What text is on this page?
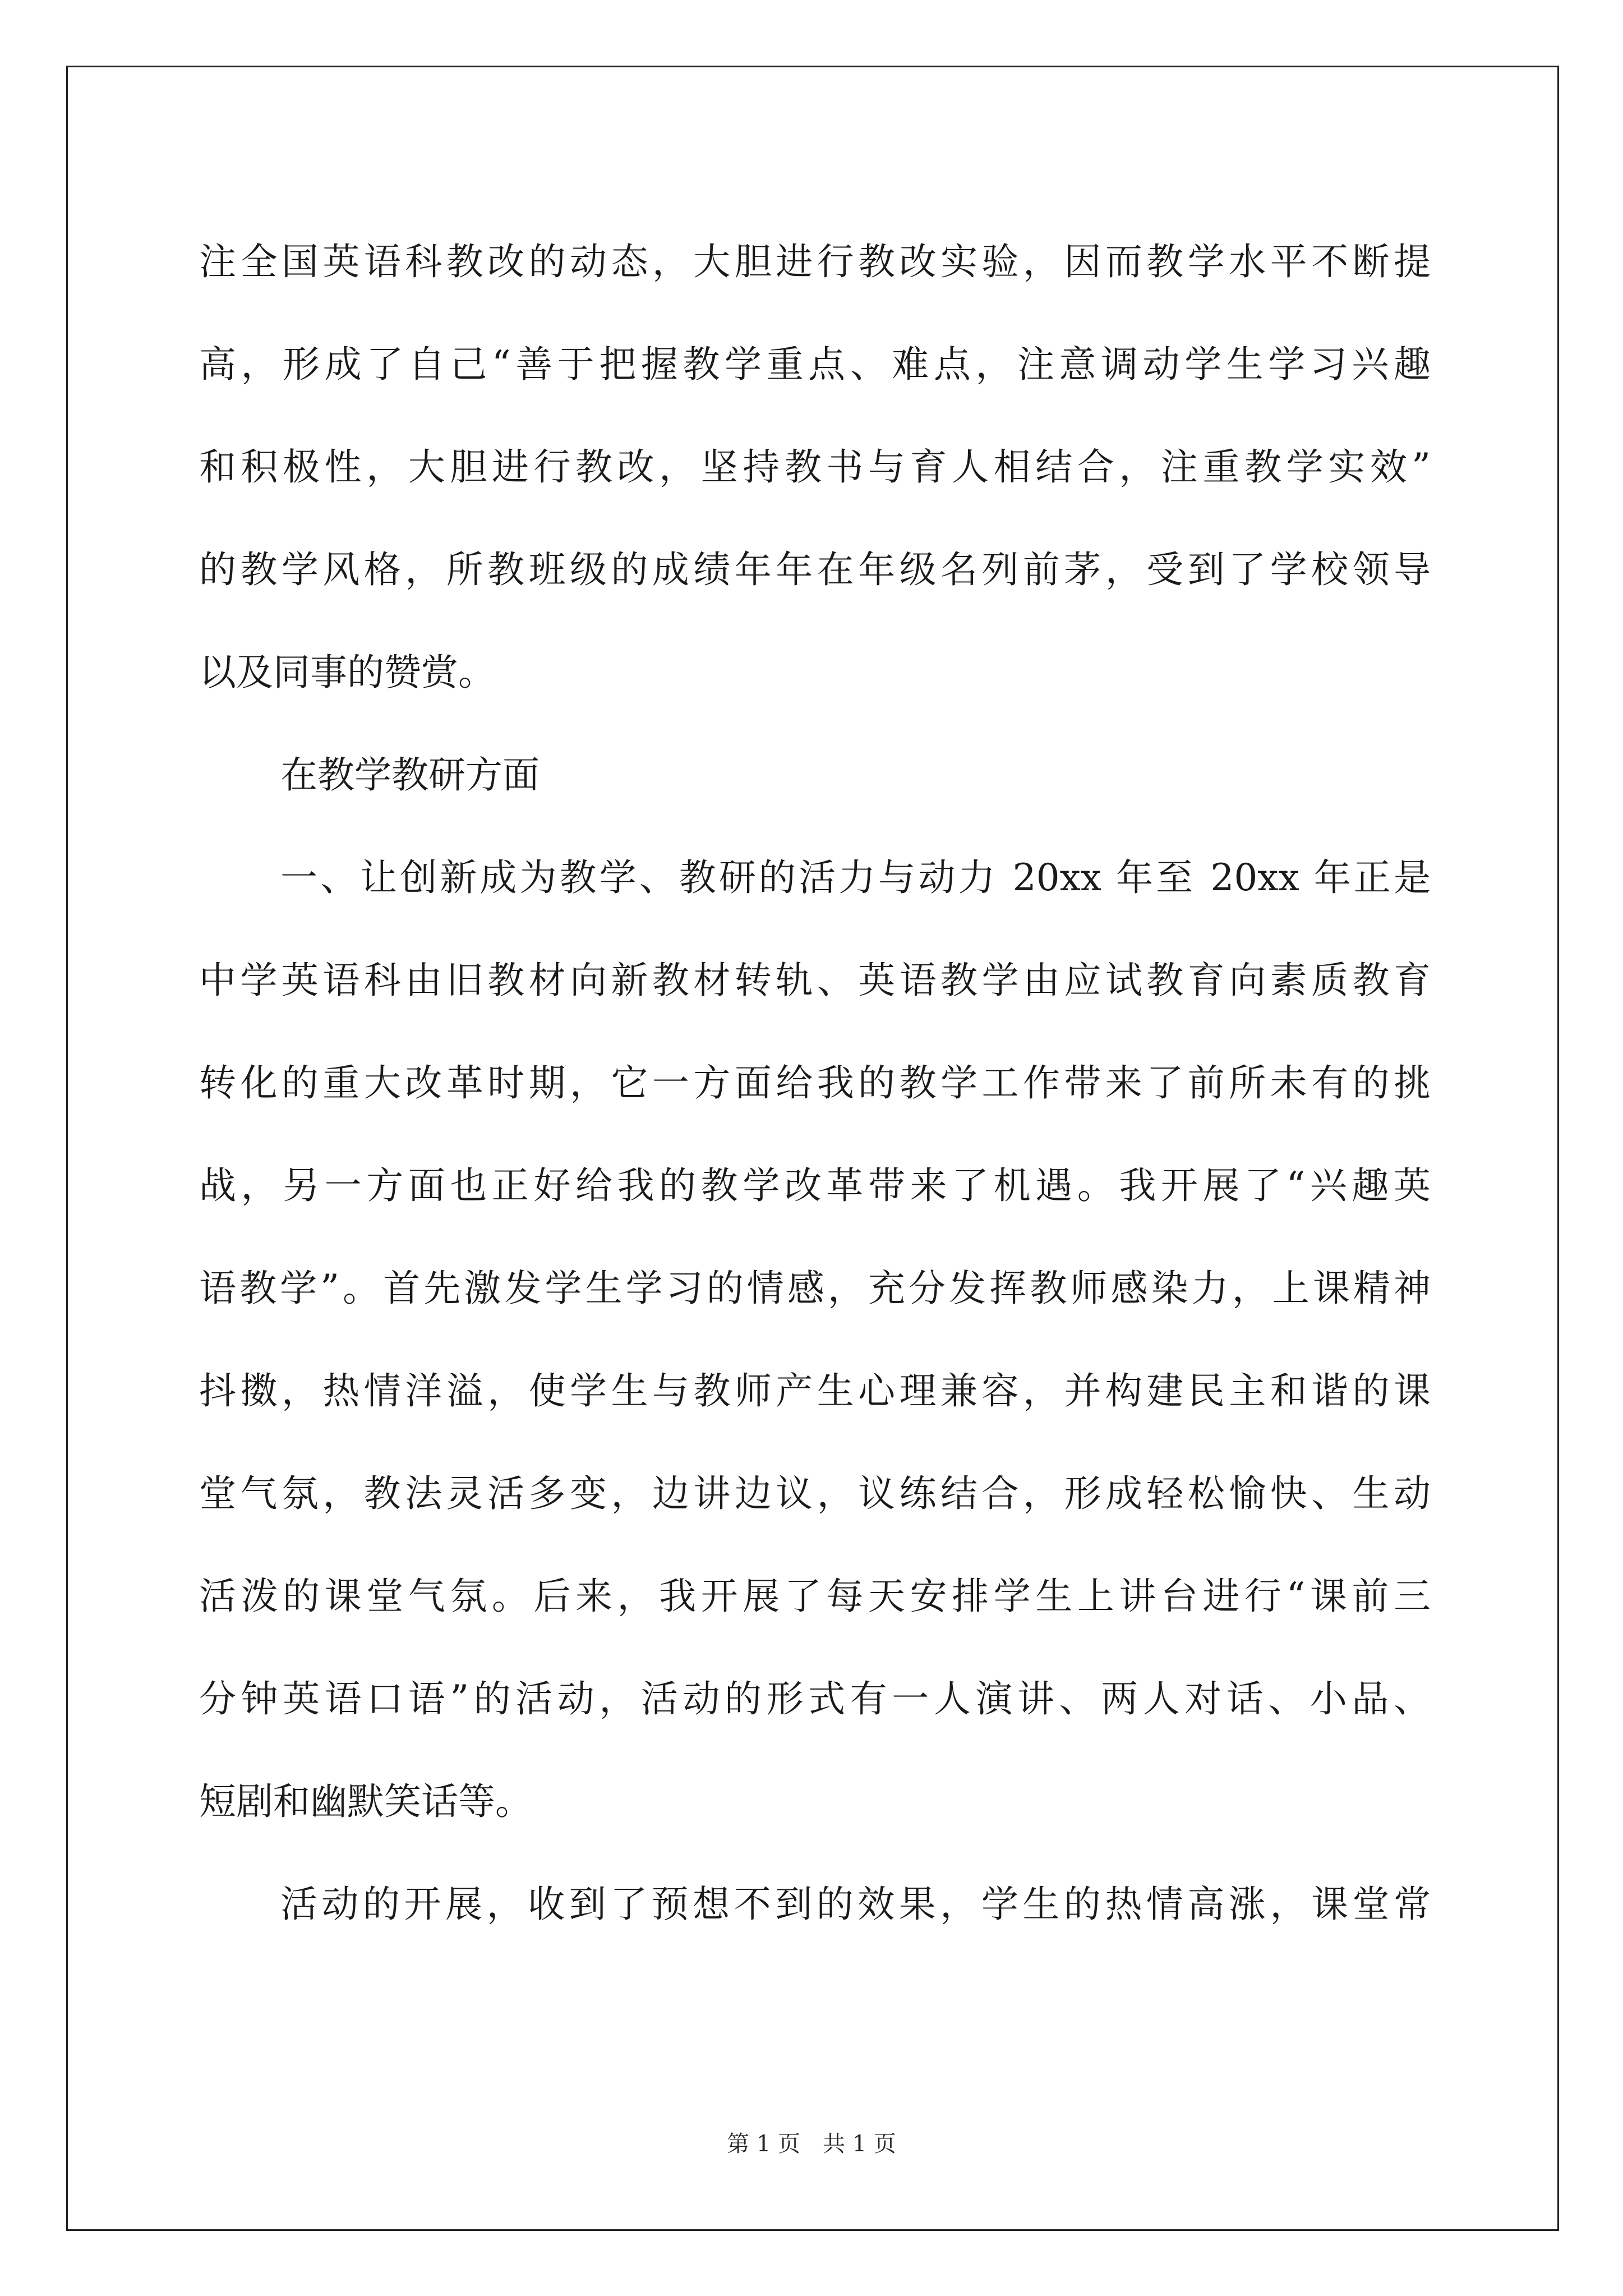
注全国英语科教改的动态，大胆进行教改实验，因而教学水平不断提
高，形成了自己“善于把握教学重点、难点，注意调动学生学习兴趣
和积极性，大胆进行教改，坚持教书与育人相结合，注重教学实效”
的教学风格，所教班级的成绩年年在年级名列前茅，受到了学校领导
以及同事的赞赏。
在教学教研方面
一、让创新成为教学、教研的活力与动力 20xx 年至 20xx 年正是
中学英语科由旧教材向新教材转轨、英语教学由应试教育向素质教育
转化的重大改革时期，它一方面给我的教学工作带来了前所未有的挑
战，另一方面也正好给我的教学改革带来了机遇。我开展了“兴趣英
语教学”。首先激发学生学习的情感，充分发挥教师感染力，上课精神
抖擞，热情洋溢，使学生与教师产生心理兼容，并构建民主和谐的课
堂气氛，教法灵活多变，边讲边议，议练结合，形成轻松愉快、生动
活泼的课堂气氛。后来，我开展了每天安排学生上讲台进行“课前三
分钟英语口语”的活动，活动的形式有一人演讲、两人对话、小品、
短剧和幽默笑话等。
活动的开展，收到了预想不到的效果，学生的热情高涨，课堂常
第 1 页　共 1 页
